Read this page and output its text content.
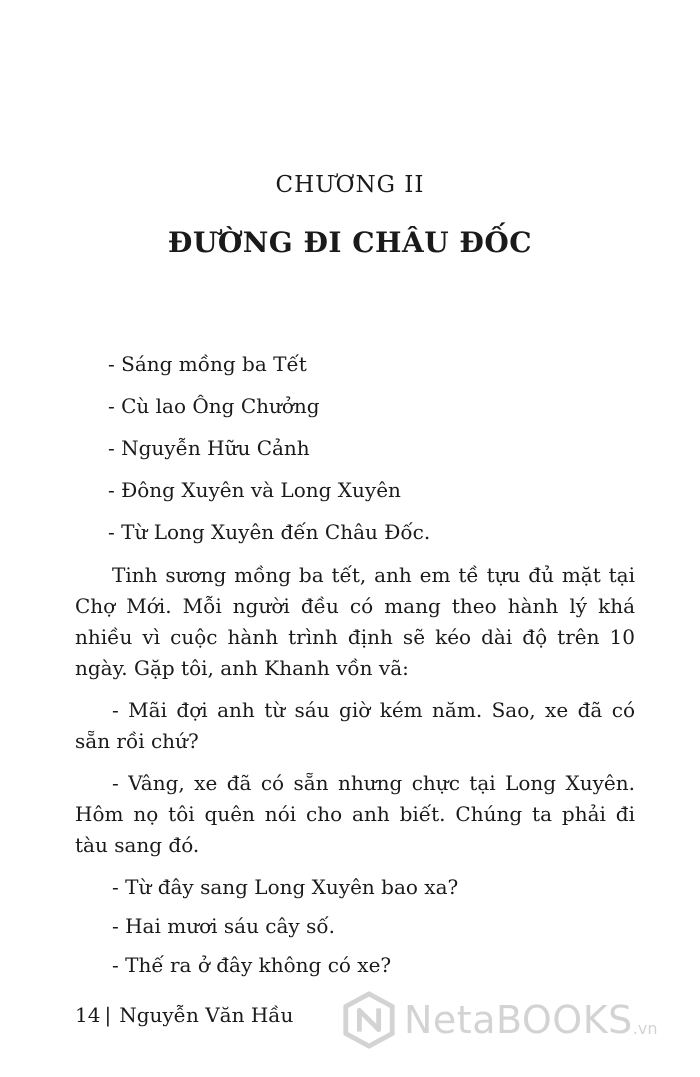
CHƯƠNG II
ĐƯỜNG ĐI CHÂU ĐỐC
- Sáng mồng ba Tết
- Cù lao Ông Chưởng
- Nguyễn Hữu Cảnh
- Đông Xuyên và Long Xuyên
- Từ Long Xuyên đến Châu Đốc.

Tinh sương mồng ba tết, anh em tề tựu đủ mặt tại Chợ Mới. Mỗi người đều có mang theo hành lý khá nhiều vì cuộc hành trình định sẽ kéo dài độ trên 10 ngày. Gặp tôi, anh Khanh vồn vã:

- Mãi đợi anh từ sáu giờ kém năm. Sao, xe đã có sẵn rồi chứ?

- Vâng, xe đã có sẵn nhưng chực tại Long Xuyên. Hôm nọ tôi quên nói cho anh biết. Chúng ta phải đi tàu sang đó.

- Từ đây sang Long Xuyên bao xa?

- Hai mươi sáu cây số.

- Thế ra ở đây không có xe?

14 | Nguyễn Văn Hầu	NetaBOOKS .vn
